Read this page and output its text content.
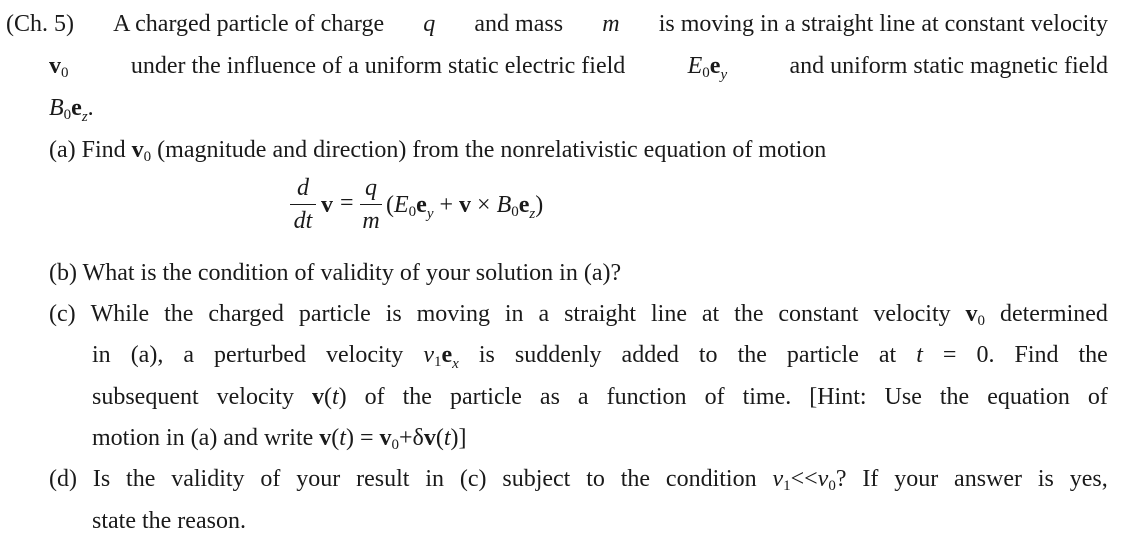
(Ch. 5) A charged particle of charge q and mass m is moving in a straight line at constant velocity
$v_0$	under the influence of a uniform static electric field	$E_0e_y$	and uniform static magnetic field
$B_0e_z$.
(a) Find $v_0$ (magnitude and direction) from the nonrelativistic equation of motion
d
dt
v =
q
m
$(E_0e_y + v \times B_0e_z)$
(b) What is the condition of validity of your solution in (a)?
(c) While the charged particle is moving in a straight line at the constant velocity $v_0$ determined
in (a), a perturbed velocity $v_1e_x$ is suddenly added to the particle at t = 0. Find the
subsequent velocity v(t) of the particle as a function of time. [Hint: Use the equation of
motion in (a) and write $v(t) = v_0+\delta v(t)$]
(d) Is the validity of your result in (c) subject to the condition $v_1<<v_0$? If your answer is yes,
state the reason.
